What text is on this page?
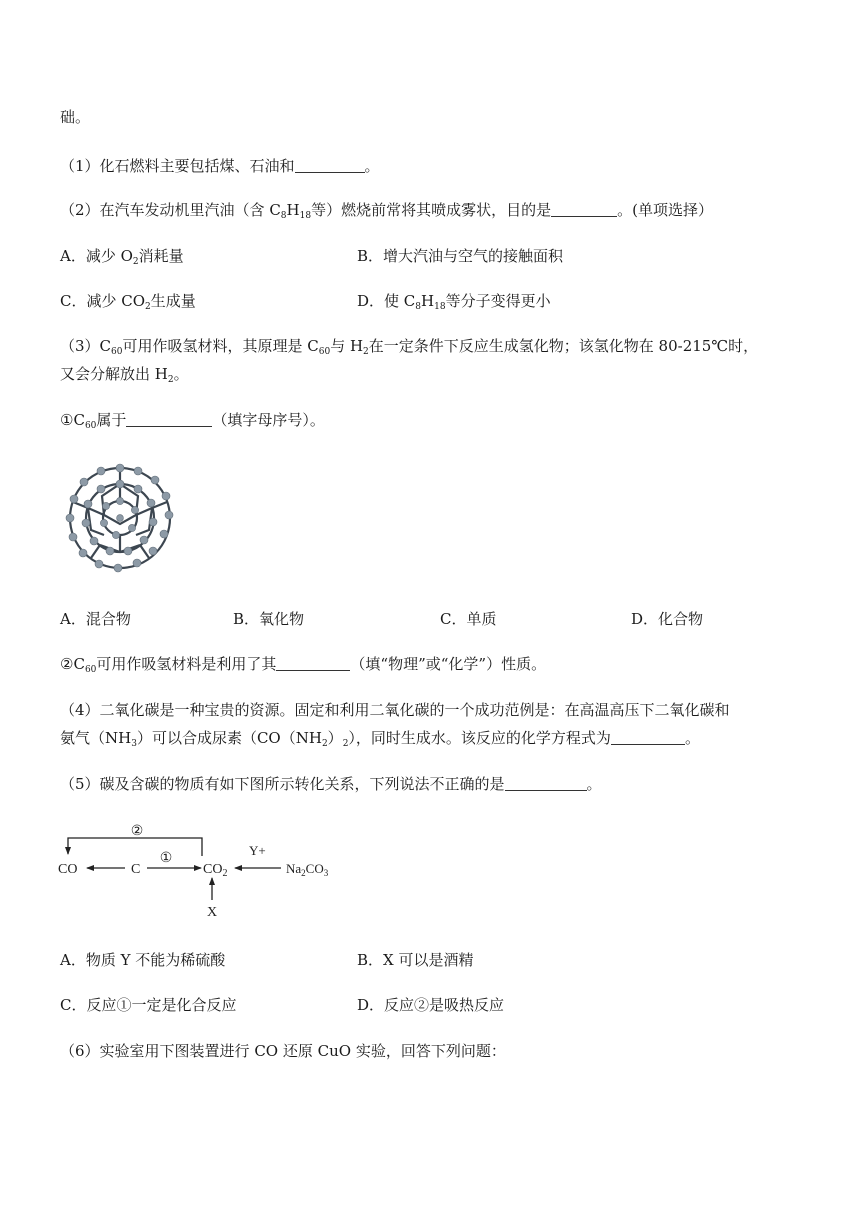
础。
（1）化石燃料主要包括煤、石油和	。
（2）在汽车发动机里汽油（含 $C_8H_{18}$等）燃烧前常将其喷成雾状，目的是	。(单项选择）
A．减少 $O_2$消耗量	B．增大汽油与空气的接触面积
C．减少 $CO_2$生成量	D．使 $C_8H_{18}$等分子变得更小
$(3)C_{60}$可用作吸氢材料，其原理是 $C_{60}$与 $H_2$在一定条件下反应生成氢化物；该氢化物在 80-215℃时，
又会分解放出 $H_2$。
$①C_{60}$属于	（填字母序号）。
A．混合物	B．氧化物	C．单质	D．化合物
$②C_{60}$可用作吸氢材料是利用了其	（填“物理”或“化学”）性质。
（4）二氧化碳是一种宝贵的资源。固定和利用二氧化碳的一个成功范例是：在高温高压下二氧化碳和
氨气$(NH_3)$可以合成尿素$(CO(NH_2)_2)$，同时生成水。该反应的化学方程式为	。
（5）碳及含碳的物质有如下图所示转化关系，下列说法不正确的是	。
②
CO	C
①
$CO_2$
Y+
$Na_2CO_3$
X
A．物质 Y 不能为稀硫酸	B．X 可以是酒精
C．反应①一定是化合反应	D．反应②是吸热反应
（6）实验室用下图装置进行 CO 还原 CuO 实验，回答下列问题：
